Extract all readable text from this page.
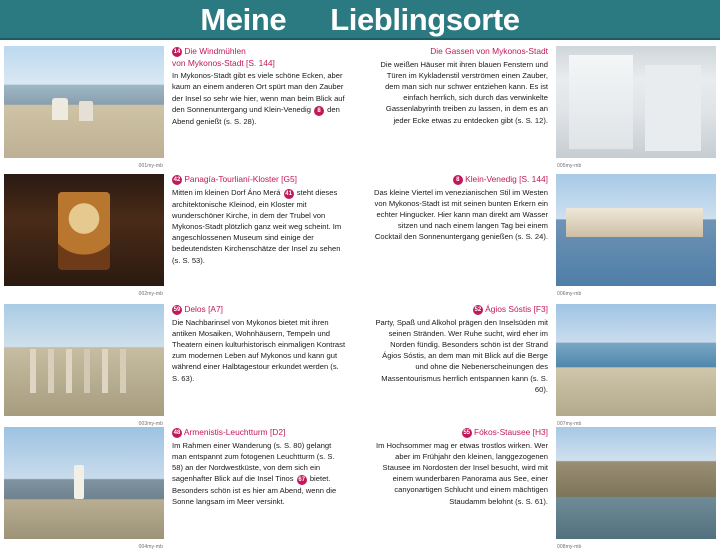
Meine Lieblingsorte
001my-mb
14 Die Windmühlen
von Mykonos-Stadt [S. 144]

In Mykonos-Stadt gibt es viele schöne Ecken, aber kaum an einem anderen Ort spürt man den Zauber der Insel so sehr wie hier, wenn man beim Blick auf den Sonnenuntergang und Klein-Venedig 8 den Abend genießt (s. S. 28).

005my-mb
Die Gassen von Mykonos-Stadt

Die weißen Häuser mit ihren blauen Fenstern und Türen im Kykladenstil verströmen einen Zauber, dem man sich nur schwer entziehen kann. Es ist einfach herrlich, sich durch das verwinkelte Gassenlabyrinth treiben zu lassen, in dem es an jeder Ecke etwas zu entdecken gibt (s. S. 12).

002my-mb
42 Panagía-Tourlianí-Kloster [G5]

Mitten im kleinen Dorf Áno Merá 41 steht dieses architektonische Kleinod, ein Kloster mit wunderschöner Kirche, in dem der Trubel von Mykonos-Stadt plötzlich ganz weit weg scheint. Im angeschlossenen Museum sind einige der bedeutendsten Kirchenschätze der Insel zu sehen (s. S. 53).

006my-mb
8 Klein-Venedig [S. 144]

Das kleine Viertel im venezianischen Stil im Westen von Mykonos-Stadt ist mit seinen bunten Erkern ein echter Hingucker. Hier kann man direkt am Wasser sitzen und nach einem langen Tag bei einem Cocktail den Sonnenuntergang genießen (s. S. 24).

003my-mb
59 Delos [A7]

Die Nachbarinsel von Mykonos bietet mit ihren antiken Mosaiken, Wohnhäusern, Tempeln und Theatern einen kulturhistorisch einmaligen Kontrast zum modernen Leben auf Mykonos und kann gut während einer Halbtagestour erkundet werden (s. S. 63).

007my-mb
52 Ágios Sóstis [F3]

Party, Spaß und Alkohol prägen den Inselsüden mit seinen Stränden. Wer Ruhe sucht, wird eher im Norden fündig. Besonders schön ist der Strand Ágios Sóstis, an dem man mit Blick auf die Berge und ohne die Nebenerscheinungen des Massentourismus herrlich entspannen kann (s. S. 60).

004my-mb
48 Armenistis-Leuchtturm [D2]

Im Rahmen einer Wanderung (s. S. 80) gelangt man entspannt zum fotogenen Leuchtturm (s. S. 58) an der Nordwestküste, von dem sich ein sagenhafter Blick auf die Insel Tinos 67 bietet. Besonders schön ist es hier am Abend, wenn die Sonne langsam im Meer versinkt.

008my-mb
55 Fókos-Stausee [H3]

Im Hochsommer mag er etwas trostlos wirken. Wer aber im Frühjahr den kleinen, langgezogenen Stausee im Nordosten der Insel besucht, wird mit einem wunderbaren Panorama aus See, einer canyonartigen Schlucht und einem mächtigen Staudamm belohnt (s. S. 61).
